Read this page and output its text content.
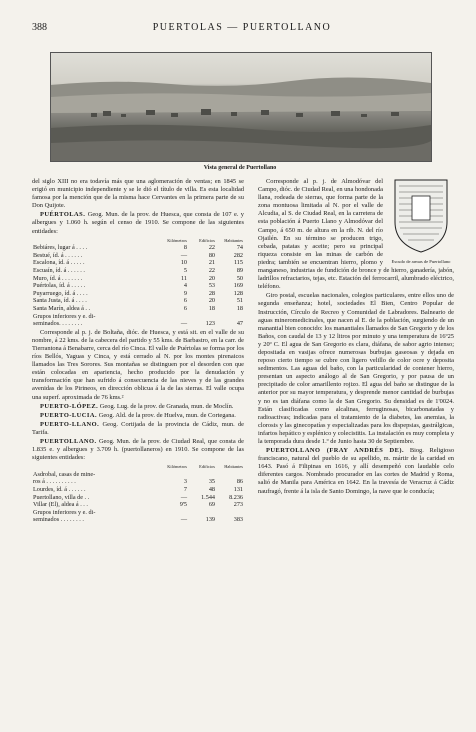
388	PUERTOLAS — PUERTOLLANO
Vista general de Puertollano

del siglo XIII no era todavía más que una aglomeración de ventas; en 1845 se erigió en municipio independiente y se le dió el título de villa. Es esta localidad famosa por la mención que de la misma hace Cervantes en la primera parte de su Don Quijote.

PUÉRTOLAS. Geog. Mun. de la prov. de Huesca, que consta de 107 e. y albergues y 1.060 h. según el censo de 1910. Se compone de las siguientes entidades:

	Kilómetros	Edificios	Habitantes
Bebiáres, lugar á . . . .	8	22	74
Bestué, íd. á . . . . . .	—	80	282
Escalona, íd. á . . . . .	10	21	115
Escuaín, íd. á . . . . . .	5	22	89
Muro, íd. á . . . . . . .	11	20	50
Puértolas, íd. á . . . . .	4	53	169
Puyarruego, íd. á . . . .	9	28	128
Santa Justa, íd. á . . . .	6	20	51
Santa Marín, aldea á . .	6	18	18
Grupos inferiores y e. di-			
seminados. . . . . . . .	—	123	47

Corresponde al p. j. de Boltaña, dióc. de Huesca, y está sit. en el valle de su nombre, á 22 kms. de la cabecera del partido y 55 kms. de Barbastro, en la carr. de Tierrantona á Benabarre, cerca del río Cinca. El valle de Puértolas se forma por los ríos Bellós, Yaguas y Cinca, y está cerrado al N. por los montes pirenaicos llamados las Tres Sorores. Sus montañas se distinguen por el desorden con que están colocadas en apariencia, hecho producido por la denudación y transformación que han sufrido á consecuencia de las nieves y de las grandes avenidas de los Pirineos, en dirección oblicua á la de las sierras. El valle ocupa una superf. aproximada de 76 kms.²

PUERTO-LÓPEZ. Geog. Lug. de la prov. de Granada, mun. de Moclín.

PUERTO-LUCIA. Geog. Ald. de la prov. de Huelva, mun. de Cortegana.

PUERTO-LLANO. Geog. Cortijada de la provincia de Cádiz, mun. de Tarifa.

PUERTOLLANO. Geog. Mun. de la prov. de Ciudad Real, que consta de 1.835 e. y albergues y 3.709 h. (puertollaneros) en 1910. Se compone de las siguientes entidades:

	Kilómetros	Edificios	Habitantes
Asdrobal, casas de mine-			
ros á . . . . . . . . . .	3	35	86
Lourdes, íd. á . . . . . .	7	48	131
Puertollano, villa de . .	—	1.544	8.236
Villar (El), aldea á . . .	9'5	69	273
Grupos inferiores y e. di-			
seminados . . . . . . . .	—	139	383
Escudo de armas de Puertollano

Corresponde al p. j. de Almodóvar del Campo, dióc. de Ciudad Real, en una hondonada llana, rodeada de sierras, que forma parte de la zona montuosa limitada al N. por el valle de Alcudia, al S. de Ciudad Real, en la carretera de esta población á Puerto Llano y Almodóvar del Campo, á 650 m. de altura en la rib. N. del río Ojailén. En su término se producen trigo, cebada, patatas y aceite; pero su principal riqueza consiste en las minas de carbón de piedra; también se encuentran hierro, plomo y manganeso, industrias de fundición de bronce y de hierro, ganadería, jabón, ladrillos refractarios, tejas, etc. Estación del ferrocarril, alumbrado eléctrico, teléfono.

Giro postal, escuelas nacionales, colegios particulares, entre ellos uno de segunda enseñanza; hotel, sociedades El Bien, Centro Popular de Instrucción, Círculo de Recreo y Comunidad de Labradores. Balneario de aguas mineromedicinales, que nacen al E. de la población, surgiendo de un manantial bien conocido: los manantiales llamados de San Gregorio y de los Baños, con caudal de 13 y 12 litros por minuto y una temperatura de 16º25 y 20º C. El agua de San Gregorio es clara, diáfana, de sabor agrio intenso; depositada en vasijas ofrece numerosas burbujas gaseosas y dejada en reposo cierto tiempo se cubre con ligero velillo de color ocre y deposita sedimentos. Las aguas del baño, con la particularidad de contener hierro, presentan un aspecto análogo al de San Gregorio, y por pausa de un precipitado de color amarillento rojizo. El agua del baño se distingue de la anterior por su mayor temperatura, y desprende menor cantidad de burbujas y no es tan diáfana como la de San Gregorio. Su densidad es de 1'0024. Están clasificadas como alcalinas, ferruginosas, bicarbonatadas y radioactivas; indicadas para el tratamiento de la diabetes, las anemias, la clorosis y las ginecopatías y especializadas para los dispepsias, gastrálgicas, infartos hepático y esplénico y colecistitis. La instalación es muy completa y la temporada dura desde 1.º de Junio hasta 30 de Septiembre.

PUERTOLLANO (FRAY ANDRÉS DE). Biog. Religioso franciscano, natural del pueblo de su apellido, m. mártir de la caridad en 1643. Pasó á Filipinas en 1616, y allí desempeñó con laudable celo diferentes cargos. Nombrado procurador en las cortes de Madrid y Roma, salió de Manila para América en 1642. En la travesía de Veracruz á Cádiz naufragó, frente á la isla de Santo Domingo, la nave que le conducía;
